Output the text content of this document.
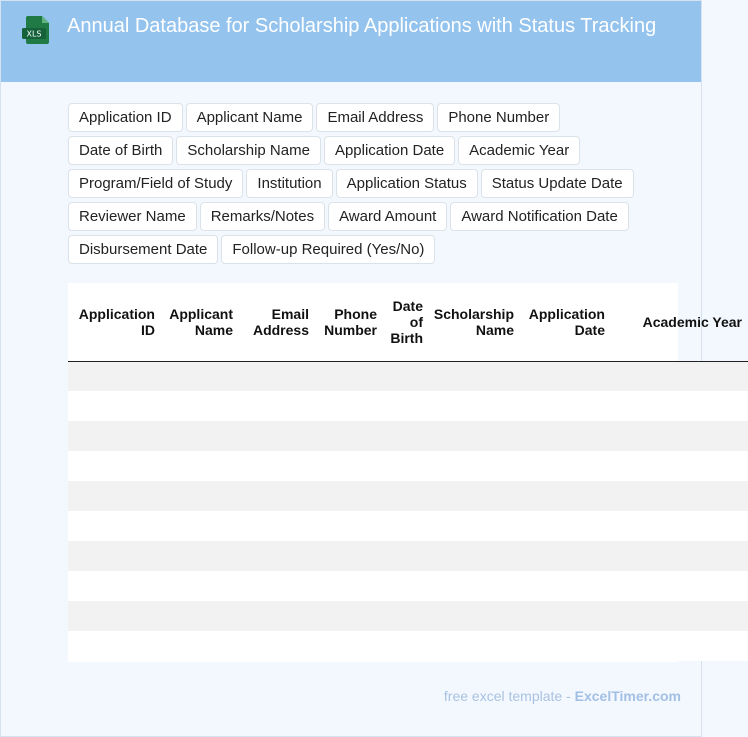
XLS	Annual Database for Scholarship Applications with Status Tracking
Application ID	Applicant Name	Email Address	Phone Number
Date of Birth	Scholarship Name	Application Date	Academic Year
Program/Field of Study	Institution	Application Status	Status Update Date
Reviewer Name	Remarks/Notes	Award Amount	Award Notification Date
Disbursement Date	Follow-up Required (Yes/No)
Application ID	Applicant Name	Email Address	Phone Number	Date of Birth	Scholarship Name	Application Date	Academic Year

free excel template - ExcelTimer.com
